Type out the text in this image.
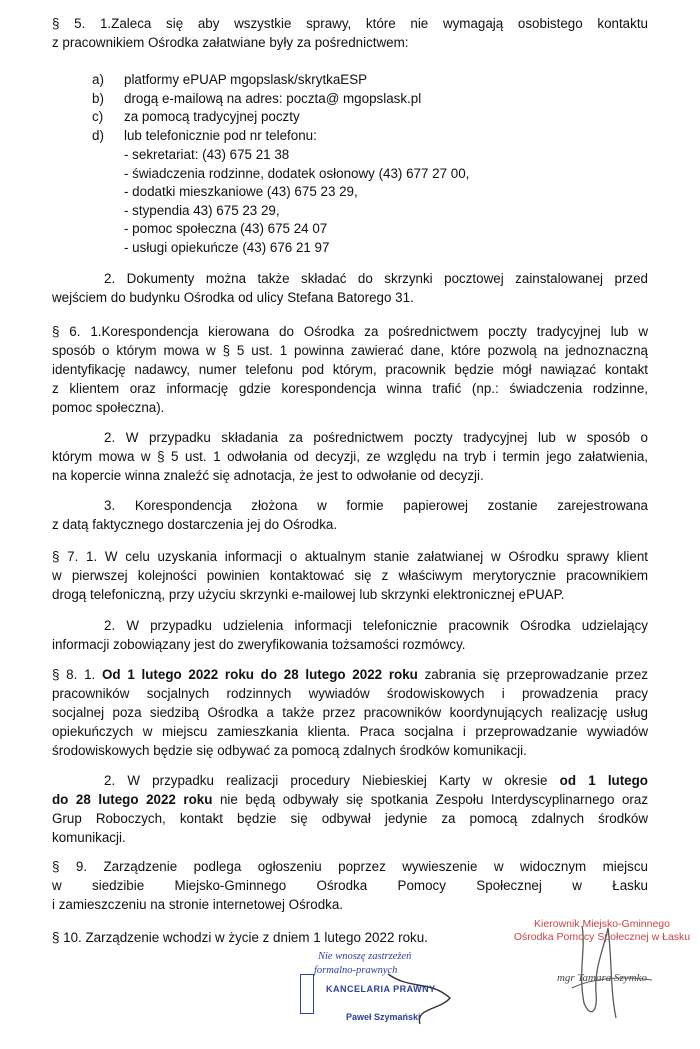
§ 5. 1.Zaleca się aby wszystkie sprawy, które nie wymagają osobistego kontaktu
z pracownikiem Ośrodka załatwiane były za pośrednictwem:
a) platformy ePUAP mgopslask/skrytkaESP
b) drogą e-mailową na adres: poczta@ mgopslask.pl
c) za pomocą tradycyjnej poczty
d) lub telefonicznie pod nr telefonu:
- sekretariat: (43) 675 21 38
- świadczenia rodzinne, dodatek osłonowy (43) 677 27 00,
- dodatki mieszkaniowe (43) 675 23 29,
- stypendia 43) 675 23 29,
- pomoc społeczna (43) 675 24 07
- usługi opiekuńcze (43) 676 21 97
2. Dokumenty można także składać do skrzynki pocztowej zainstalowanej przed
wejściem do budynku Ośrodka od ulicy Stefana Batorego 31.
§ 6. 1.Korespondencja kierowana do Ośrodka za pośrednictwem poczty tradycyjnej lub w
sposób o którym mowa w § 5 ust. 1 powinna zawierać dane, które pozwolą na jednoznaczną
identyfikację nadawcy, numer telefonu pod którym, pracownik będzie mógł nawiązać kontakt
z klientem oraz informację gdzie korespondencja winna trafić (np.: świadczenia rodzinne,
pomoc społeczna).
2. W przypadku składania za pośrednictwem poczty tradycyjnej lub w sposób o
którym mowa w § 5 ust. 1 odwołania od decyzji, ze względu na tryb i termin jego załatwienia,
na kopercie winna znaleźć się adnotacja, że jest to odwołanie od decyzji.
3. Korespondencja złożona w formie papierowej zostanie zarejestrowana
z datą faktycznego dostarczenia jej do Ośrodka.
§ 7. 1. W celu uzyskania informacji o aktualnym stanie załatwianej w Ośrodku sprawy klient
w pierwszej kolejności powinien kontaktować się z właściwym merytorycznie pracownikiem
drogą telefoniczną, przy użyciu skrzynki e-mailowej lub skrzynki elektronicznej ePUAP.
2. W przypadku udzielenia informacji telefonicznie pracownik Ośrodka udzielający
informacji zobowiązany jest do zweryfikowania tożsamości rozmówcy.
§ 8. 1. Od 1 lutego 2022 roku do 28 lutego 2022 roku zabrania się przeprowadzanie przez
pracowników socjalnych rodzinnych wywiadów środowiskowych i prowadzenia pracy
socjalnej poza siedzibą Ośrodka a także przez pracowników koordynujących realizację usług
opiekuńczych w miejscu zamieszkania klienta. Praca socjalna i przeprowadzanie wywiadów
środowiskowych będzie się odbywać za pomocą zdalnych środków komunikacji.
2. W przypadku realizacji procedury Niebieskiej Karty w okresie od 1 lutego
do 28 lutego 2022 roku nie będą odbywały się spotkania Zespołu Interdyscyplinarnego oraz
Grup Roboczych, kontakt będzie się odbywał jedynie za pomocą zdalnych środków
komunikacji.
§ 9. Zarządzenie podlega ogłoszeniu poprzez wywieszenie w widocznym miejscu
w siedzibie Miejsko-Gminnego Ośrodka Pomocy Społecznej w Łasku
i zamieszczeniu na stronie internetowej Ośrodka.
§ 10. Zarządzenie wchodzi w życie z dniem 1 lutego 2022 roku.
Kierownik Miejsko-Gminnego
Ośrodka Pomocy Społecznej w Łasku
mgr Tamara Szymko
Nie wnoszę zastrzeżeń
formalno-prawnych
KANCELARIA PRAWNY
Paweł Szymański
